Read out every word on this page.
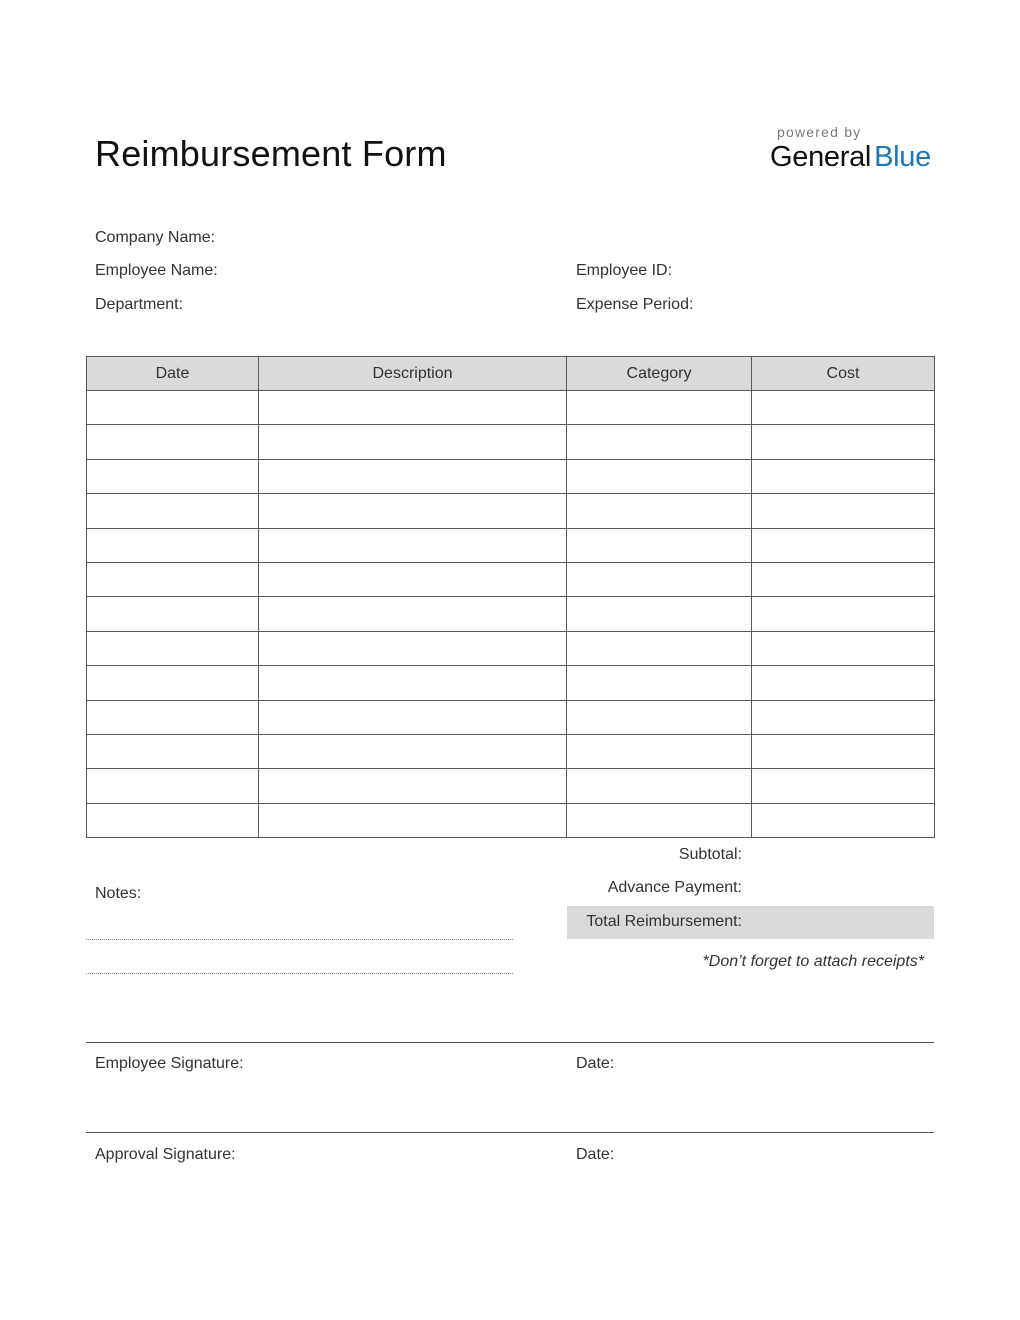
Reimbursement Form
powered by
General Blue
Company Name:
Employee Name:	Employee ID:
Department:	Expense Period:
Date	Description	Category	Cost

Subtotal:
Advance Payment:
Total Reimbursement:
*Don’t forget to attach receipts*
Notes:
Employee Signature:	Date:
Approval Signature:	Date:
